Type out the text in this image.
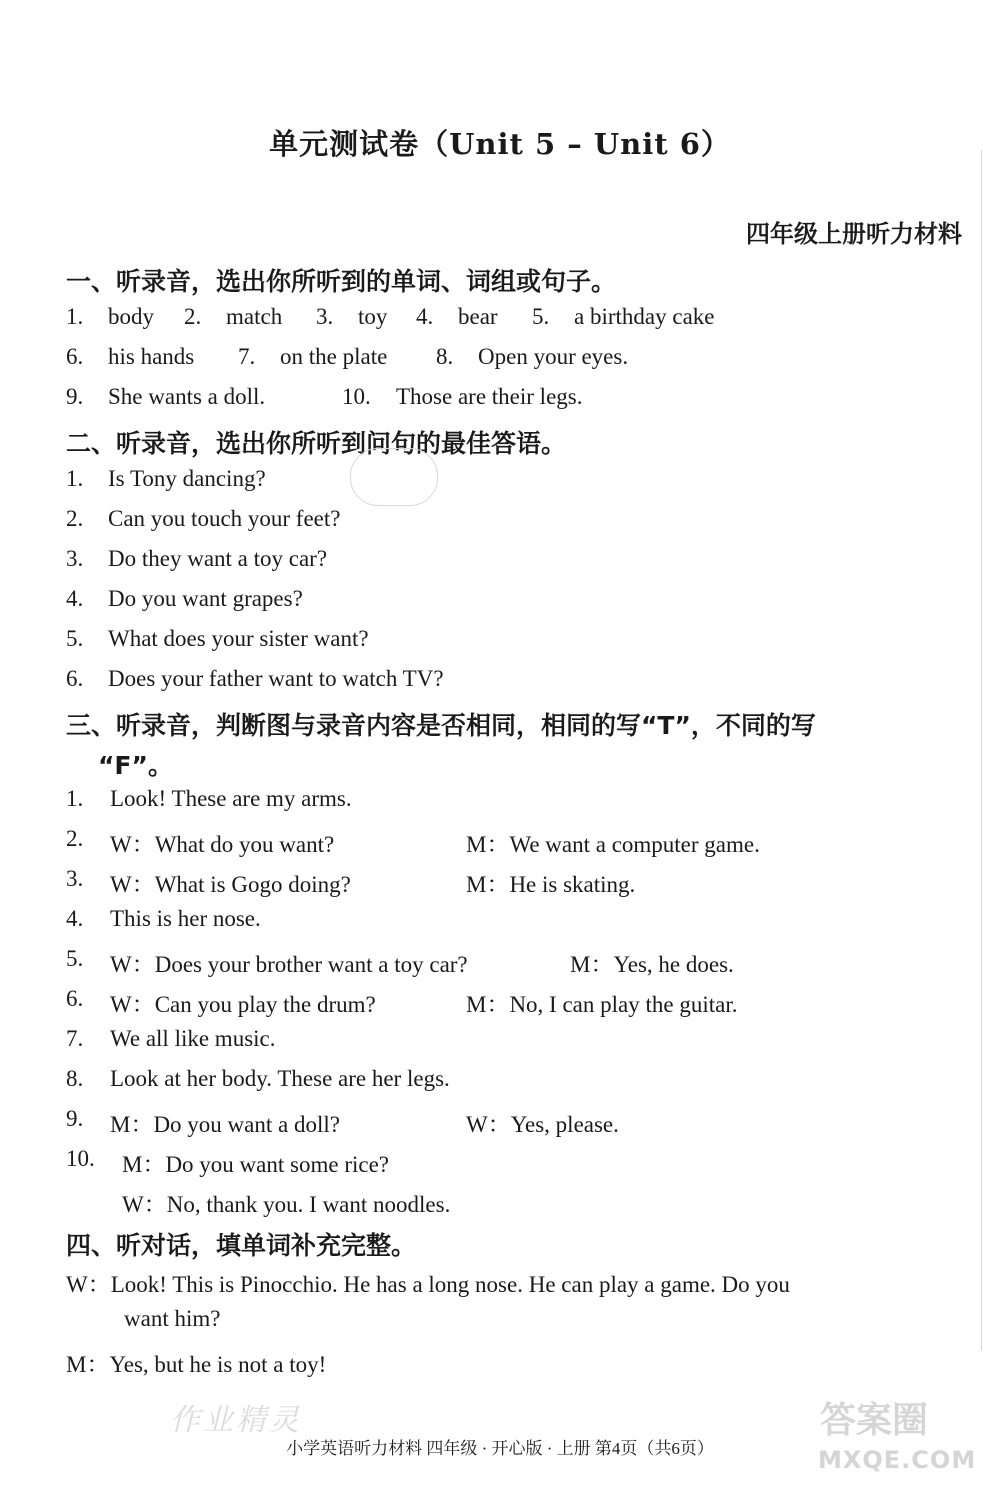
单元测试卷（Unit 5 – Unit 6）
四年级上册听力材料
一、听录音，选出你所听到的单词、词组或句子。
1. body 2. match 3. toy 4. bear 5. a birthday cake
6. his hands 7. on the plate 8. Open your eyes.
9. She wants a doll.	10. Those are their legs.
二、听录音，选出你所听到问句的最佳答语。
1. Is Tony dancing?
2. Can you touch your feet?
3. Do they want a toy car?
4. Do you want grapes?
5. What does your sister want?
6. Does your father want to watch TV?
三、听录音，判断图与录音内容是否相同，相同的写“T”，不同的写
“F”。
1. Look! These are my arms.
2. W：What do you want?	M：We want a computer game.
3. W：What is Gogo doing?	M：He is skating.
4. This is her nose.
5. W：Does your brother want a toy car?	M：Yes, he does.
6. W：Can you play the drum?	M：No, I can play the guitar.
7. We all like music.
8. Look at her body. These are her legs.
9. M：Do you want a doll?	W：Yes, please.
10. M：Do you want some rice?
W：No, thank you. I want noodles.
四、听对话，填单词补充完整。
W：Look! This is Pinocchio. He has a long nose. He can play a game. Do you
want him?
M：Yes, but he is not a toy!
作业精灵	答案圈
MXQE.COM
小学英语听力材料 四年级 · 开心版 · 上册 第4页（共6页）
